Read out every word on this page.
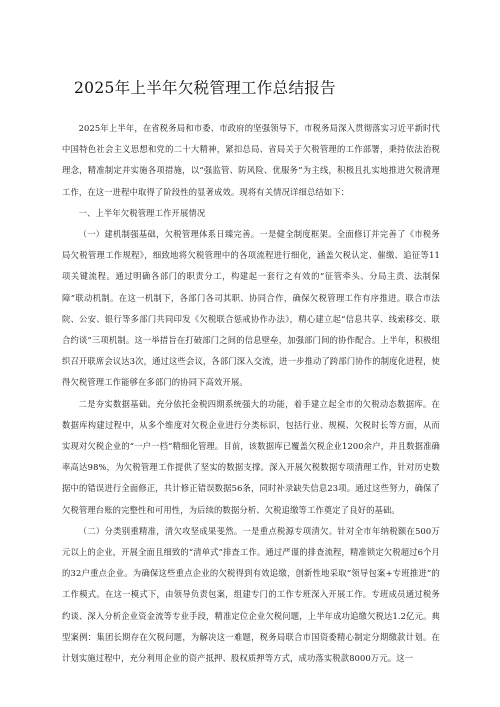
2025年上半年欠税管理工作总结报告

2025年上半年，在省税务局和市委、市政府的坚强领导下，市税务局深入贯彻落实习近平新时代中国特色社会主义思想和党的二十大精神，紧扣总局、省局关于欠税管理的工作部署，秉持依法治税理念，精准制定并实施各项措施，以“强监管、防风险、优服务”为主线，积极且扎实地推进欠税清理工作，在这一进程中取得了阶段性的显著成效。现将有关情况详细总结如下：

一、上半年欠税管理工作开展情况

（一）建机制强基础，欠税管理体系日臻完善。一是健全制度框架。全面修订并完善了《市税务局欠税管理工作规程》，细致地将欠税管理中的各项流程进行细化，涵盖欠税认定、催缴、追征等11项关键流程。通过明确各部门的职责分工，构建起一套行之有效的“征管牵头、分局主责、法制保障”联动机制。在这一机制下，各部门各司其职、协同合作，确保欠税管理工作有序推进。联合市法院、公安、银行等多部门共同印发《欠税联合惩戒协作办法》，精心建立起“信息共享、线索移交、联合约谈”三项机制。这一举措旨在打破部门之间的信息壁垒，加强部门间的协作配合。上半年，积极组织召开联席会议达3次，通过这些会议，各部门深入交流，进一步推动了跨部门协作的制度化进程，使得欠税管理工作能够在多部门的协同下高效开展。

二是夯实数据基础。充分依托金税四期系统强大的功能，着手建立起全市的欠税动态数据库。在数据库构建过程中，从多个维度对欠税企业进行分类标识，包括行业、规模、欠税时长等方面，从而实现对欠税企业的“一户一档”精细化管理。目前，该数据库已覆盖欠税企业1200余户，并且数据准确率高达98%，为欠税管理工作提供了坚实的数据支撑。深入开展欠税数据专项清理工作，针对历史数据中的错误进行全面修正，共计修正错误数据56条，同时补录缺失信息23项。通过这些努力，确保了欠税管理台账的完整性和可用性，为后续的数据分析、欠税追缴等工作奠定了良好的基础。

（二）分类别重精准，清欠攻坚成果斐然。一是重点税源专项清欠。针对全市年纳税额在500万元以上的企业，开展全面且细致的“清单式”排查工作。通过严谨的排查流程，精准锁定欠税超过6个月的32户重点企业。为确保这些重点企业的欠税得到有效追缴，创新性地采取“领导包案+专班推进”的工作模式。在这一模式下，由领导负责包案，组建专门的工作专班深入开展工作。专班成员通过税务约谈、深入分析企业资金流等专业手段，精准定位企业欠税问题，上半年成功追缴欠税达1.2亿元。典型案例：集团长期存在欠税问题，为解决这一难题，税务局联合市国资委精心制定分期缴款计划。在计划实施过程中，充分利用企业的资产抵押、股权质押等方式，成功落实税款8000万元。这一
